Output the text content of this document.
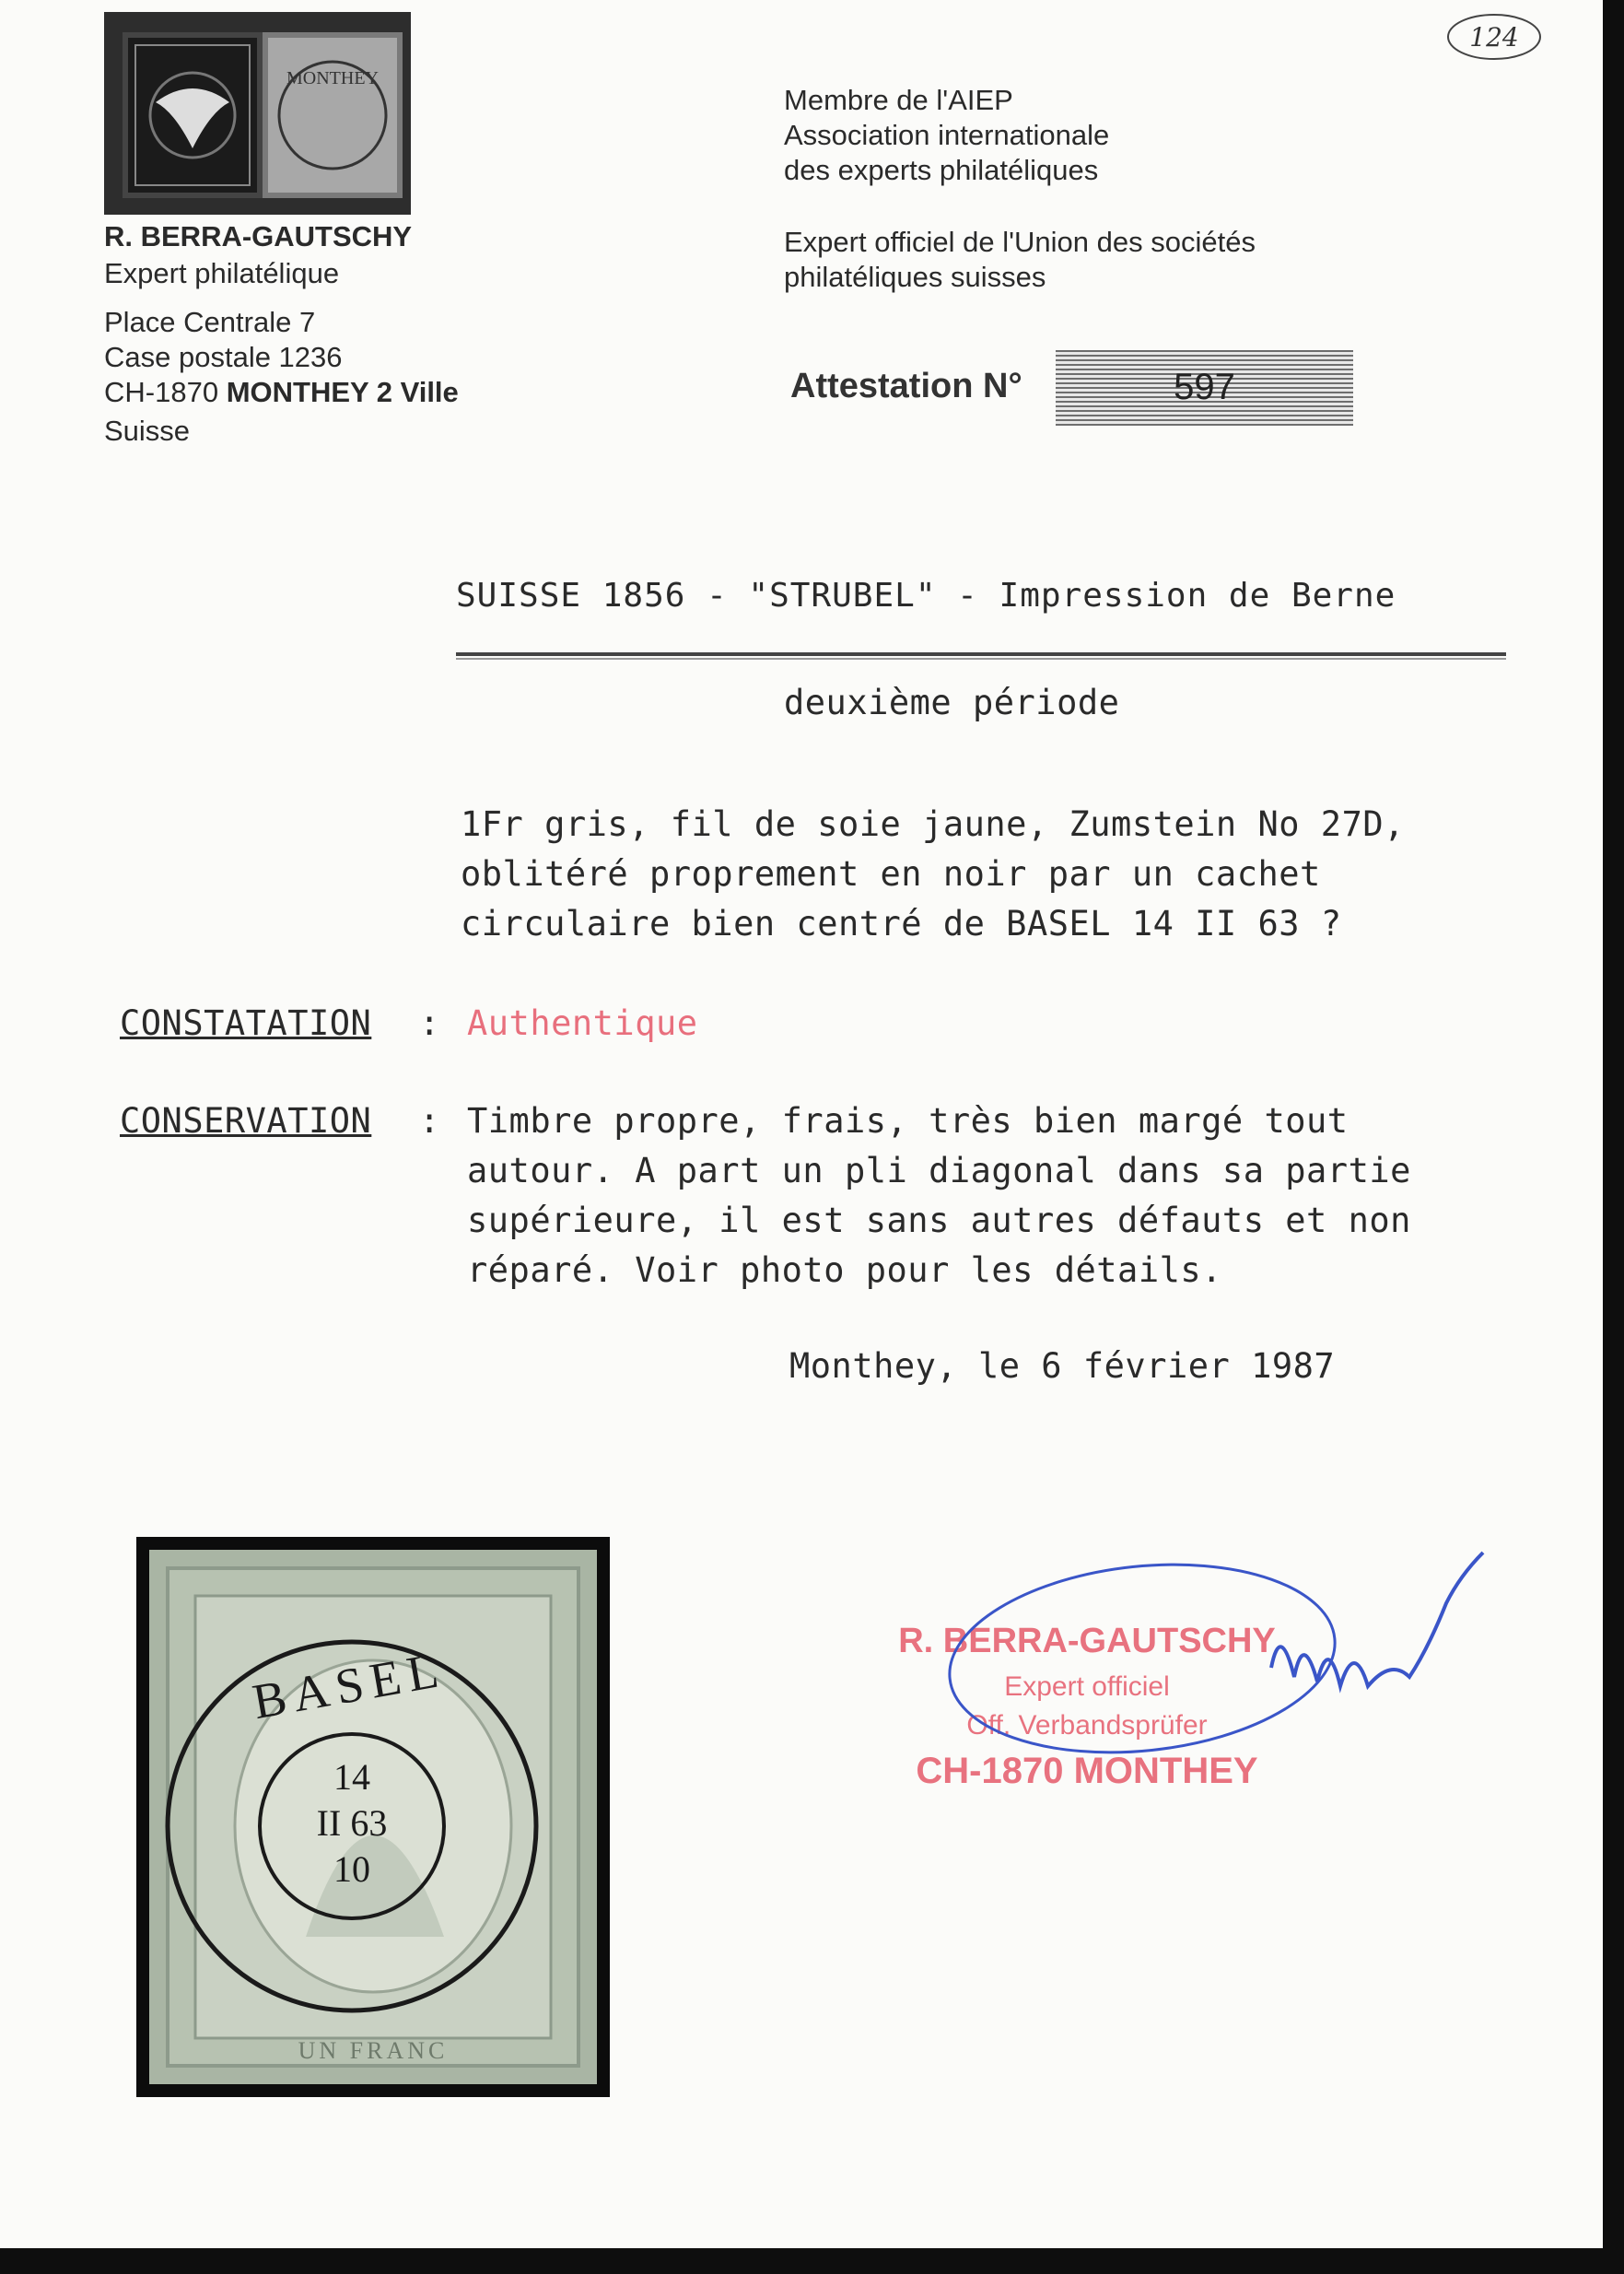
MONTHEY
124
R. BERRA-GAUTSCHY
Expert philatélique
Place Centrale 7
Case postale 1236
CH-1870 MONTHEY 2 Ville
Suisse
Membre de l'AIEP
Association internationale
des experts philatéliques
Expert officiel de l'Union des sociétés
philatéliques suisses
Attestation N°	597
SUISSE 1856 - "STRUBEL" - Impression de Berne
deuxième période
1Fr gris, fil de soie jaune, Zumstein No 27D,
oblitéré proprement en noir par un cachet
circulaire bien centré de BASEL 14 II 63 ?
CONSTATATION : Authentique
CONSERVATION : Timbre propre, frais, très bien margé tout
autour. A part un pli diagonal dans sa partie
supérieure, il est sans autres défauts et non
réparé. Voir photo pour les détails.
Monthey, le 6 février 1987
BASEL
14
II 63
10
UN FRANC
R. BERRA-GAUTSCHY
Expert officiel
Off. Verbandsprüfer
CH-1870 MONTHEY
